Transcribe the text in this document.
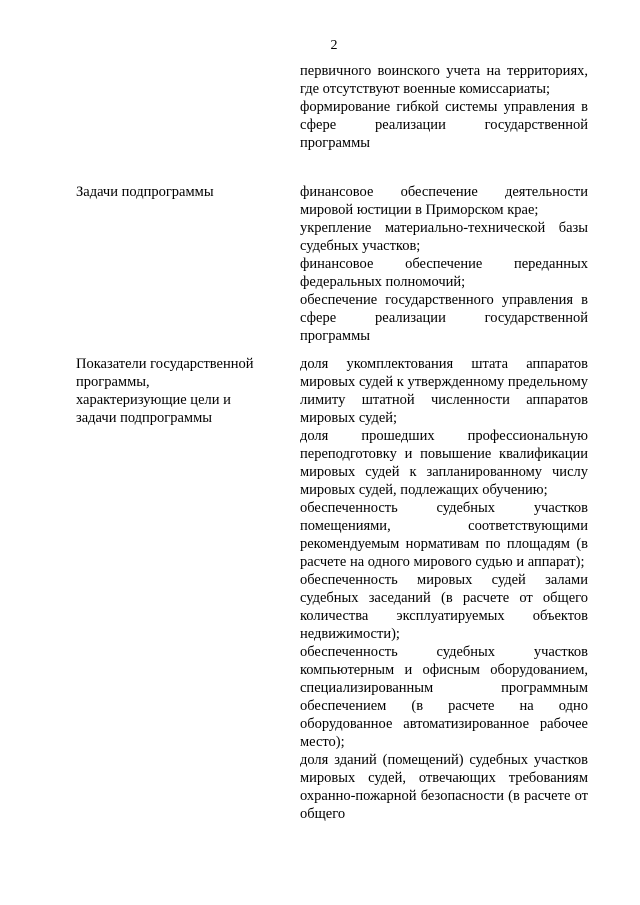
2

первичного воинского учета на территориях, где отсутствуют военные комиссариаты;

формирование гибкой системы управления в сфере реализации государственной программы

Задачи подпрограммы	финансовое обеспечение деятельности мировой юстиции в Приморском крае;

укрепление материально-технической базы судебных участков;

финансовое обеспечение переданных федеральных полномочий;

обеспечение государственного управления в сфере реализации государственной программы

Показатели государственной
программы,
характеризующие цели и
задачи подпрограммы

доля укомплектования штата аппаратов мировых судей к утвержденному предельному лимиту штатной численности аппаратов мировых судей;

доля прошедших профессиональную переподготовку и повышение квалификации мировых судей к запланированному числу мировых судей, подлежащих обучению;

обеспеченность судебных участков помещениями, соответствующими рекомендуемым нормативам по площадям (в расчете на одного мирового судью и аппарат);

обеспеченность мировых судей залами судебных заседаний (в расчете от общего количества эксплуатируемых объектов недвижимости);

обеспеченность судебных участков компьютерным и офисным оборудованием, специализированным программным обеспечением (в расчете на одно оборудованное автоматизированное рабочее место);

доля зданий (помещений) судебных участков мировых судей, отвечающих требованиям охранно-пожарной безопасности (в расчете от общего
